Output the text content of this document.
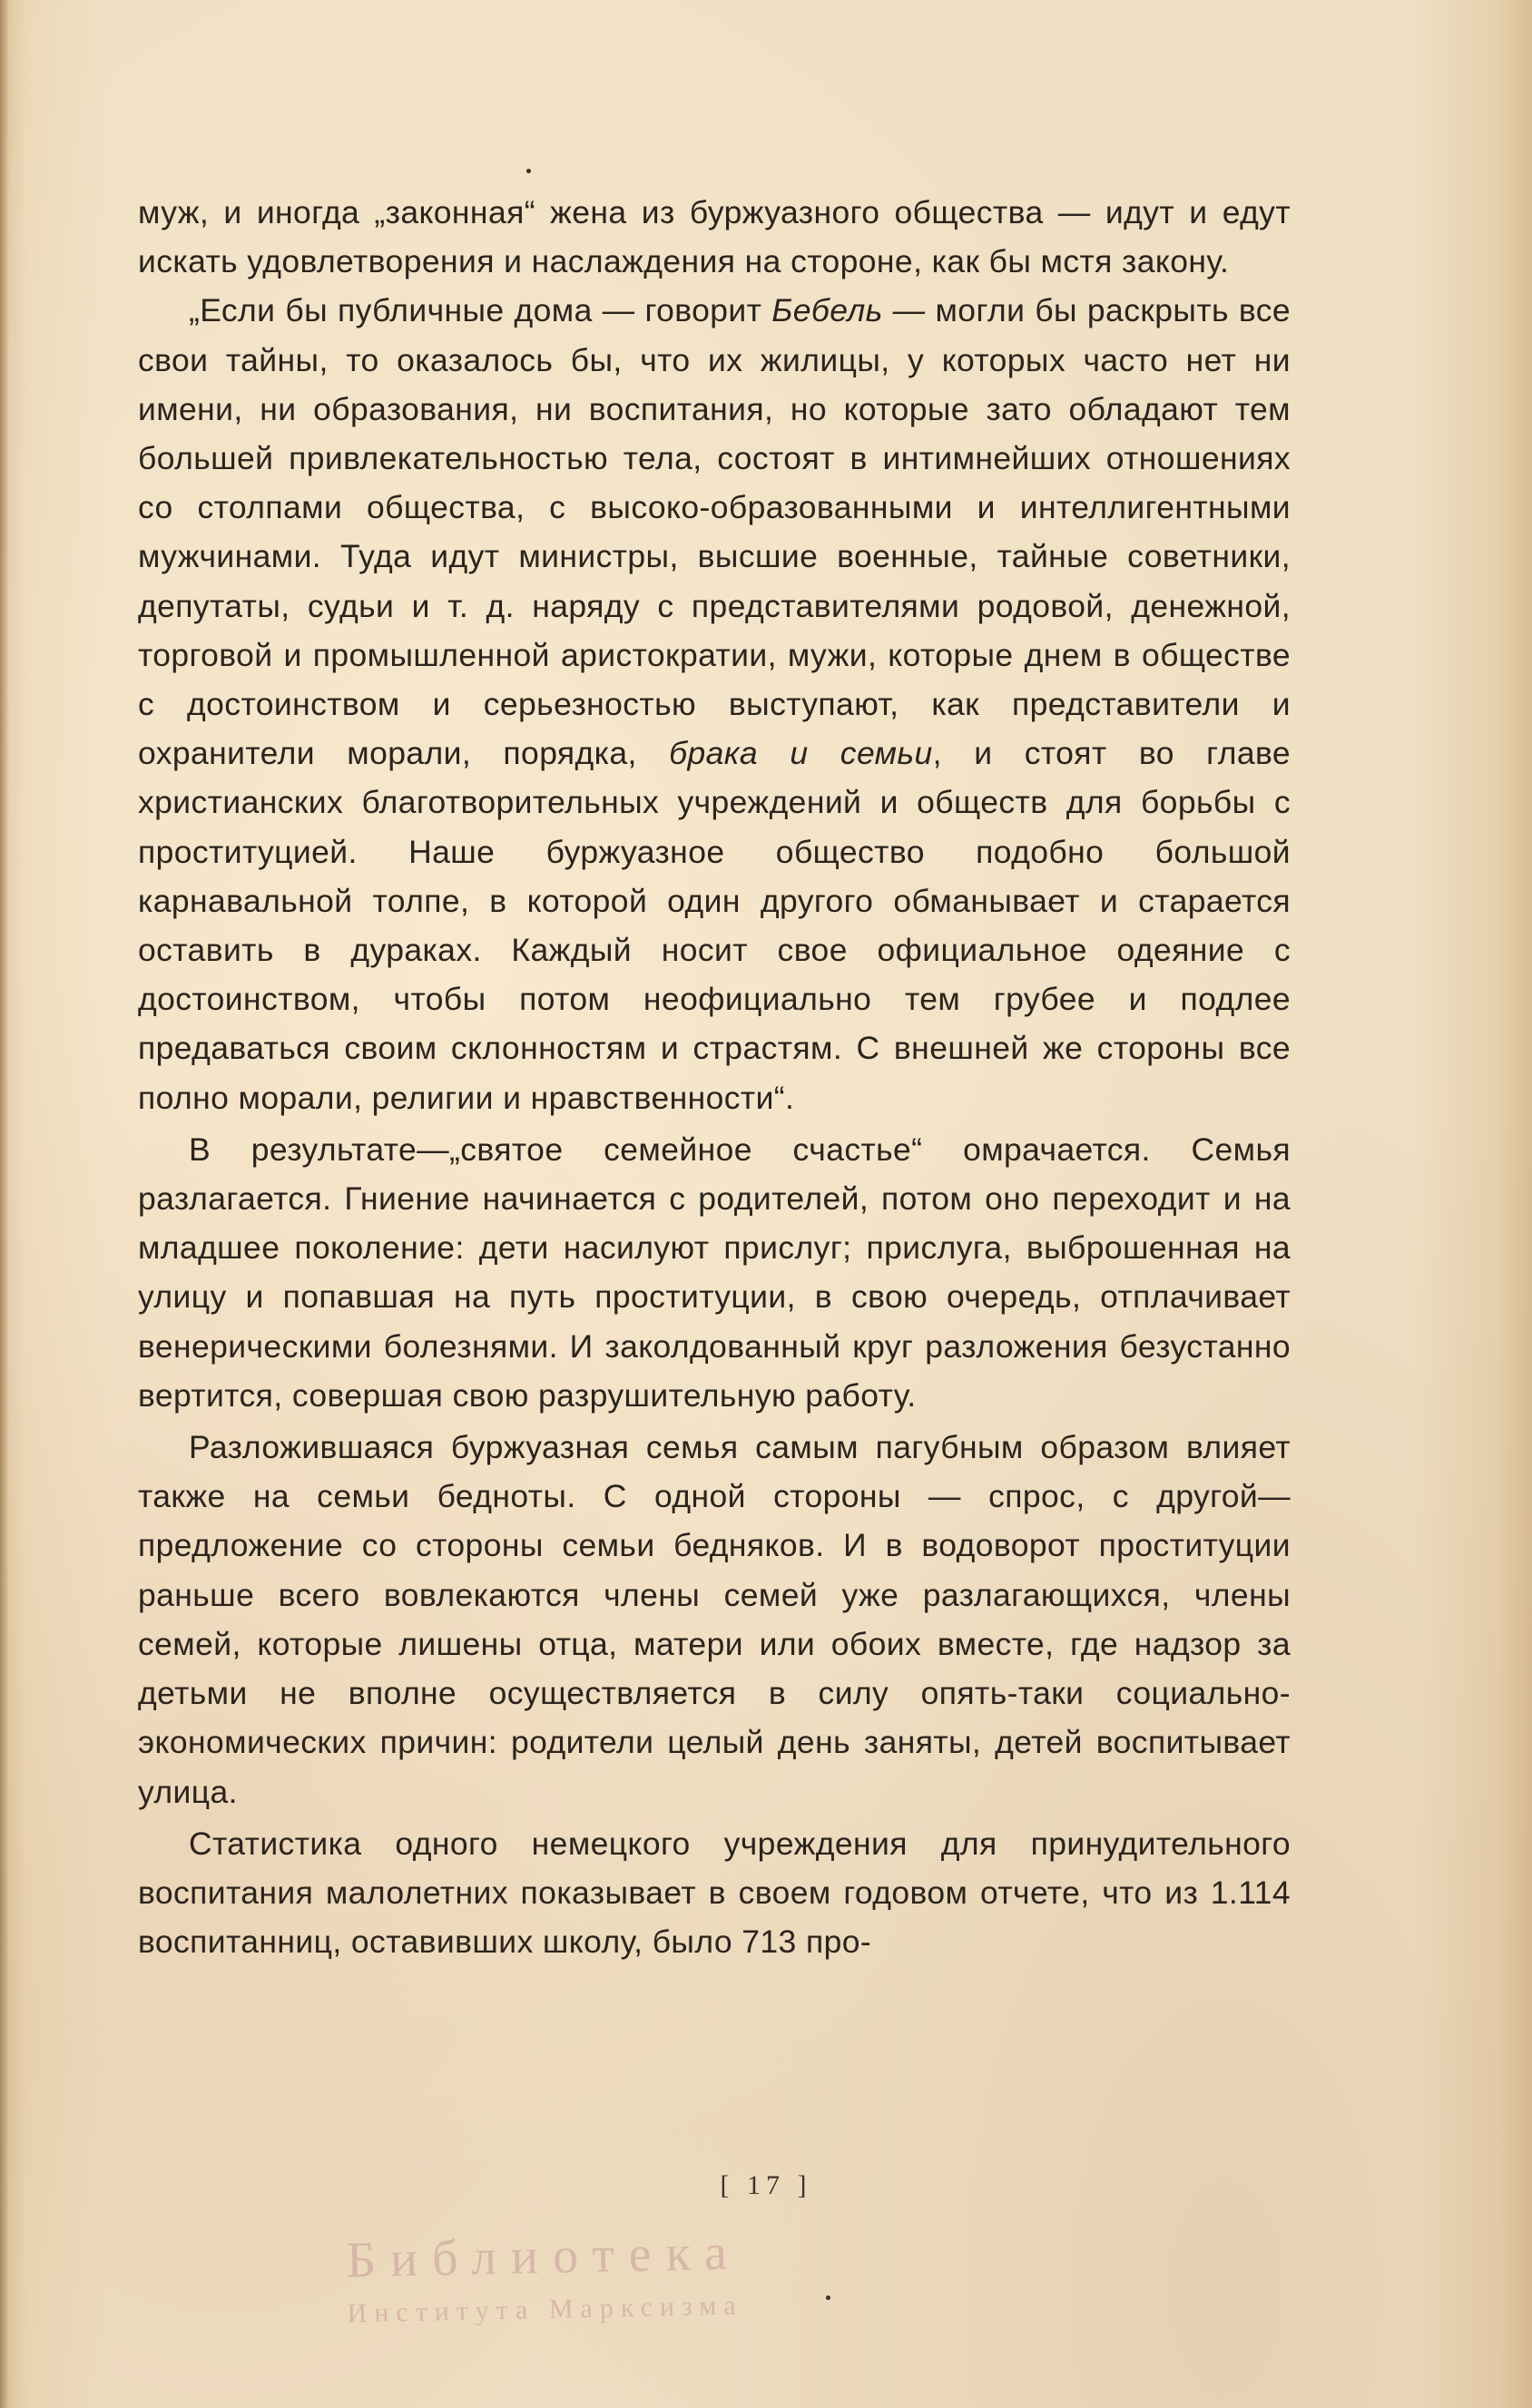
муж, и иногда „законная“ жена из буржуазного общества — идут и едут искать удовлетворения и наслаждения на стороне, как бы мстя закону.

„Если бы публичные дома — говорит Бебель — могли бы раскрыть все свои тайны, то оказалось бы, что их жилицы, у которых часто нет ни имени, ни образования, ни воспитания, но которые зато обладают тем большей привлекательностью тела, состоят в интимнейших отношениях со столпами общества, с высоко-образованными и интеллигентными мужчинами. Туда идут министры, высшие военные, тайные советники, депутаты, судьи и т. д. наряду с представителями родовой, денежной, торговой и промышленной аристократии, мужи, которые днем в обществе с достоинством и серьезностью выступают, как представители и охранители морали, порядка, брака и семьи, и стоят во главе христианских благотворительных учреждений и обществ для борьбы с проституцией. Наше буржуазное общество подобно большой карнавальной толпе, в которой один другого обманывает и старается оставить в дураках. Каждый носит свое официальное одеяние с достоинством, чтобы потом неофициально тем грубее и подлее предаваться своим склонностям и страстям. С внешней же стороны все полно морали, религии и нравственности“.

В результате—„святое семейное счастье“ омрачается. Семья разлагается. Гниение начинается с родителей, потом оно переходит и на младшее поколение: дети насилуют прислуг; прислуга, выброшенная на улицу и попавшая на путь проституции, в свою очередь, отплачивает венерическими болезнями. И заколдованный круг разложения безустанно вертится, совершая свою разрушительную работу.

Разложившаяся буржуазная семья самым пагубным образом влияет также на семьи бедноты. С одной стороны — спрос, с другой—предложение со стороны семьи бедняков. И в водоворот проституции раньше всего вовлекаются члены семей уже разлагающихся, члены семей, которые лишены отца, матери или обоих вместе, где надзор за детьми не вполне осуществляется в силу опять-таки социально-экономических причин: родители целый день заняты, детей воспитывает улица.

Статистика одного немецкого учреждения для принудительного воспитания малолетних показывает в своем годовом отчете, что из 1.114 воспитанниц, оставивших школу, было 713 про-

[ 17 ]
Библиотека
Института Марксизма
